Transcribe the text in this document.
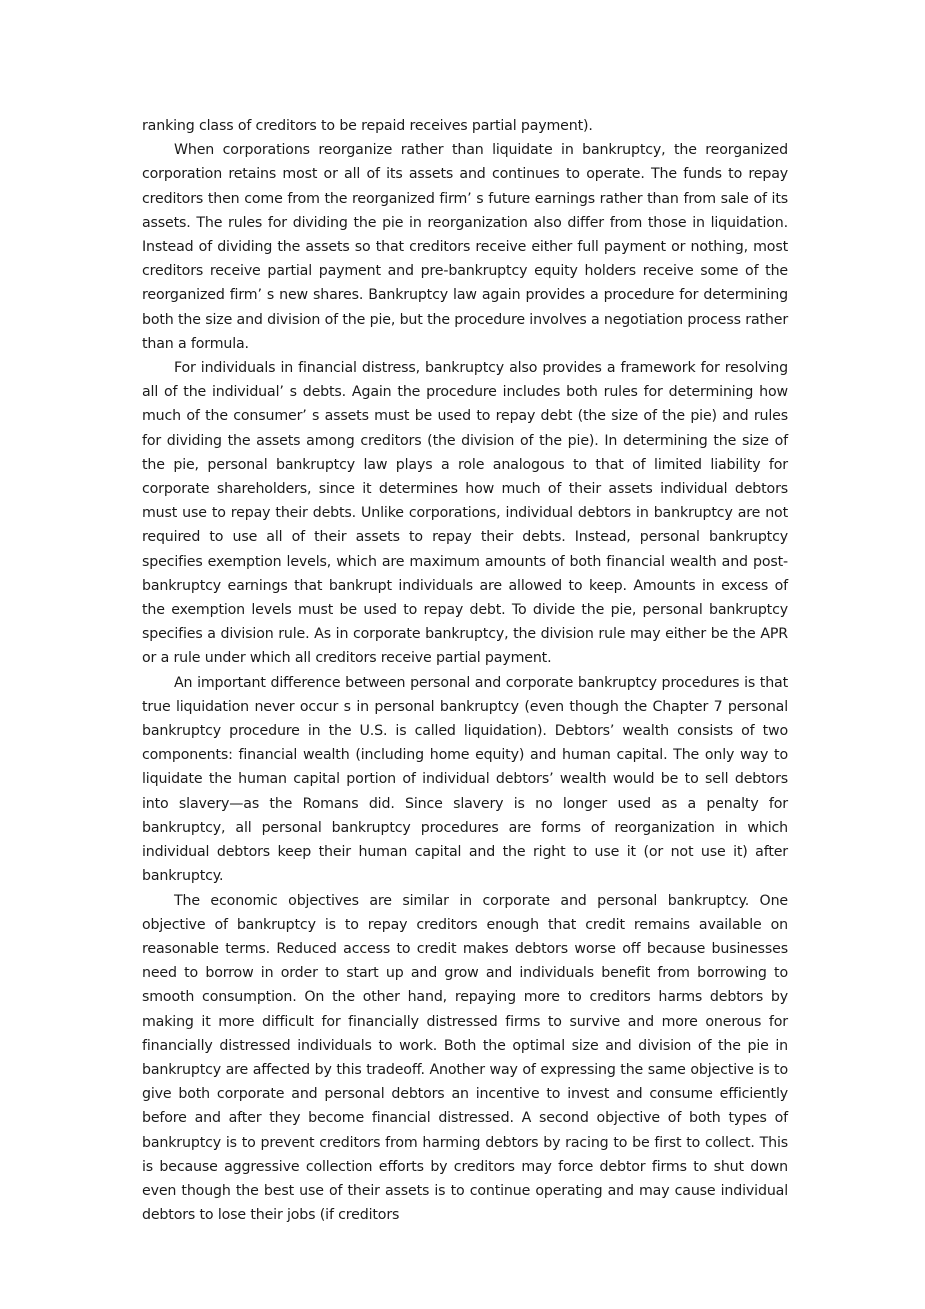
ranking class of creditors to be repaid receives partial payment).

When corporations reorganize rather than liquidate in bankruptcy, the reorganized corporation retains most or all of its assets and continues to operate. The funds to repay creditors then come from the reorganized firm’ s future earnings rather than from sale of its assets. The rules for dividing the pie in reorganization also differ from those in liquidation. Instead of dividing the assets so that creditors receive either full payment or nothing, most creditors receive partial payment and pre-bankruptcy equity holders receive some of the reorganized firm’ s new shares. Bankruptcy law again provides a procedure for determining both the size and division of the pie, but the procedure involves a negotiation process rather than a formula.

For individuals in financial distress, bankruptcy also provides a framework for resolving all of the individual’ s debts. Again the procedure includes both rules for determining how much of the consumer’ s assets must be used to repay debt (the size of the pie) and rules for dividing the assets among creditors (the division of the pie). In determining the size of the pie, personal bankruptcy law plays a role analogous to that of limited liability for corporate shareholders, since it determines how much of their assets individual debtors must use to repay their debts. Unlike corporations, individual debtors in bankruptcy are not required to use all of their assets to repay their debts. Instead, personal bankruptcy specifies exemption levels, which are maximum amounts of both financial wealth and post-bankruptcy earnings that bankrupt individuals are allowed to keep. Amounts in excess of the exemption levels must be used to repay debt. To divide the pie, personal bankruptcy specifies a division rule. As in corporate bankruptcy, the division rule may either be the APR or a rule under which all creditors receive partial payment.

An important difference between personal and corporate bankruptcy procedures is that true liquidation never occur s in personal bankruptcy (even though the Chapter 7 personal bankruptcy procedure in the U.S. is called liquidation). Debtors’ wealth consists of two components: financial wealth (including home equity) and human capital. The only way to liquidate the human capital portion of individual debtors’ wealth would be to sell debtors into slavery—as the Romans did. Since slavery is no longer used as a penalty for bankruptcy, all personal bankruptcy procedures are forms of reorganization in which individual debtors keep their human capital and the right to use it (or not use it) after bankruptcy.

The economic objectives are similar in corporate and personal bankruptcy. One objective of bankruptcy is to repay creditors enough that credit remains available on reasonable terms. Reduced access to credit makes debtors worse off because businesses need to borrow in order to start up and grow and individuals benefit from borrowing to smooth consumption. On the other hand, repaying more to creditors harms debtors by making it more difficult for financially distressed firms to survive and more onerous for financially distressed individuals to work. Both the optimal size and division of the pie in bankruptcy are affected by this tradeoff. Another way of expressing the same objective is to give both corporate and personal debtors an incentive to invest and consume efficiently before and after they become financial distressed. A second objective of both types of bankruptcy is to prevent creditors from harming debtors by racing to be first to collect. This is because aggressive collection efforts by creditors may force debtor firms to shut down even though the best use of their assets is to continue operating and may cause individual debtors to lose their jobs (if creditors
